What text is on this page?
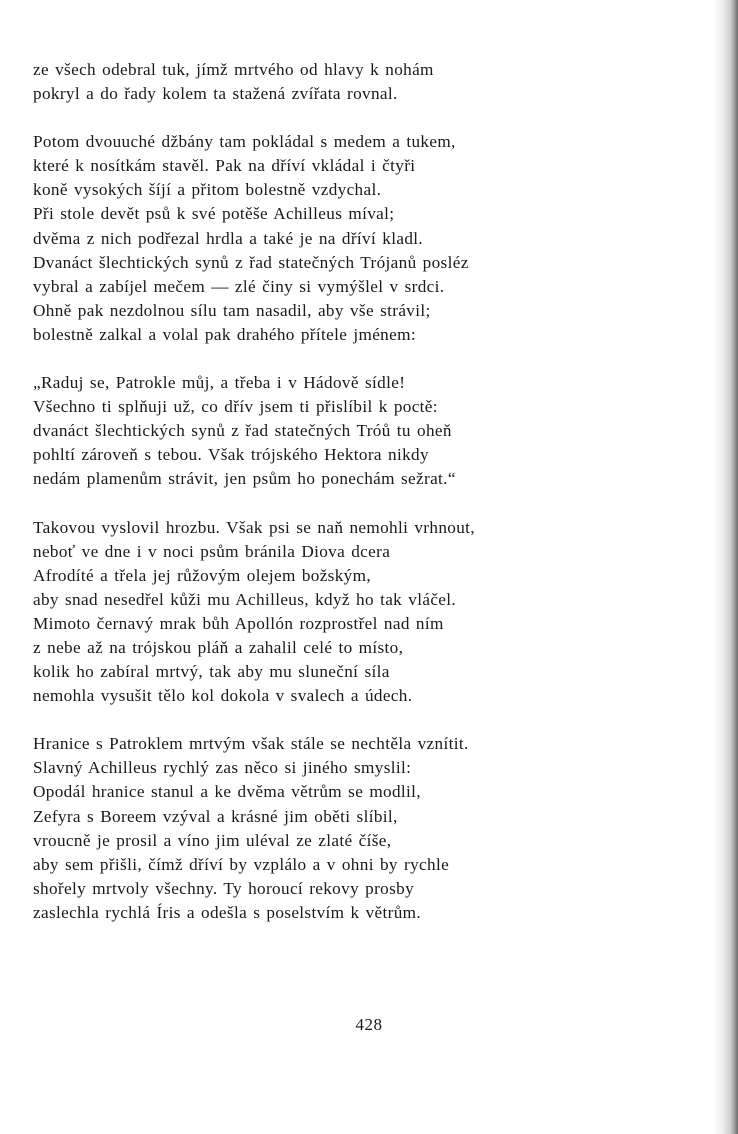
ze všech odebral tuk, jímž mrtvého od hlavy k nohám
pokryl a do řady kolem ta stažená zvířata rovnal.
Potom dvouuché džbány tam pokládal s medem a tukem,
které k nosítkám stavěl. Pak na dříví vkládal i čtyři
koně vysokých šíjí a přitom bolestně vzdychal.
Při stole devět psů k své potěše Achilleus míval;
dvěma z nich podřezal hrdla a také je na dříví kladl.
Dvanáct šlechtických synů z řad statečných Trójanů posléz
vybral a zabíjel mečem — zlé činy si vymýšlel v srdci.
Ohně pak nezdolnou sílu tam nasadil, aby vše strávil;
bolestně zalkal a volal pak drahého přítele jménem:
„Raduj se, Patrokle můj, a třeba i v Hádově sídle!
Všechno ti splňuji už, co dřív jsem ti přislíbil k poctě:
dvanáct šlechtických synů z řad statečných Tróů tu oheň
pohltí zároveň s tebou. Však trójského Hektora nikdy
nedám plamenům strávit, jen psům ho ponechám sežrat.“
Takovou vyslovil hrozbu. Však psi se naň nemohli vrhnout,
neboť ve dne i v noci psům bránila Diova dcera
Afrodíté a třela jej růžovým olejem božským,
aby snad nesedřel kůži mu Achilleus, když ho tak vláčel.
Mimoto černavý mrak bůh Apollón rozprostřel nad ním
z nebe až na trójskou pláň a zahalil celé to místo,
kolik ho zabíral mrtvý, tak aby mu sluneční síla
nemohla vysušit tělo kol dokola v svalech a údech.
Hranice s Patroklem mrtvým však stále se nechtěla vznítit.
Slavný Achilleus rychlý zas něco si jiného smyslil:
Opodál hranice stanul a ke dvěma větrům se modlil,
Zefyra s Boreem vzýval a krásné jim oběti slíbil,
vroucně je prosil a víno jim uléval ze zlaté číše,
aby sem přišli, čímž dříví by vzplálo a v ohni by rychle
shořely mrtvoly všechny. Ty horoucí rekovy prosby
zaslechla rychlá Íris a odešla s poselstvím k větrům.
428
